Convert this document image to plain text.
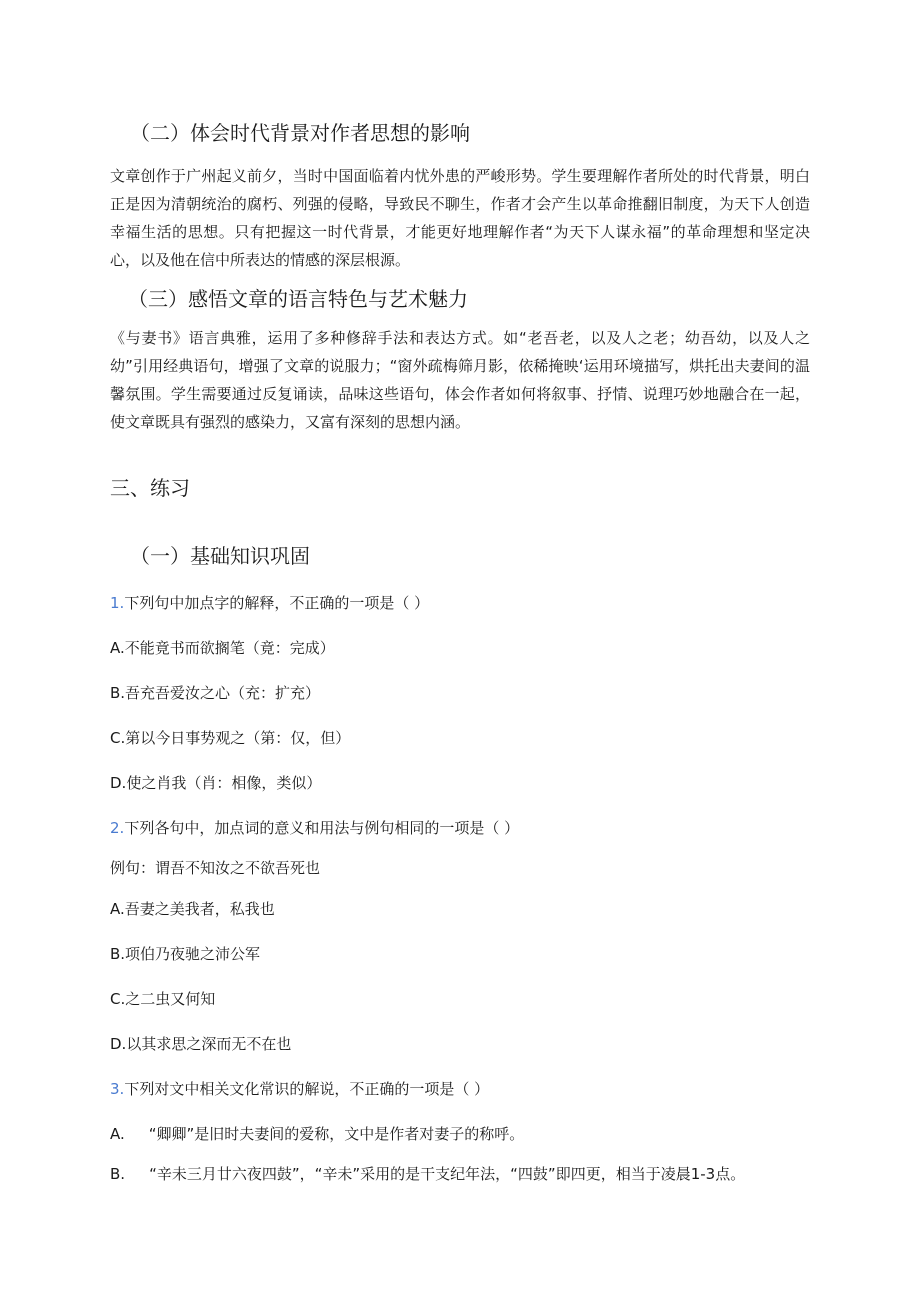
（二）体会时代背景对作者思想的影响
文章创作于广州起义前夕，当时中国面临着内忧外患的严峻形势。学生要理解作者所处的时代背景，明白正是因为清朝统治的腐朽、列强的侵略，导致民不聊生，作者才会产生以革命推翻旧制度，为天下人创造幸福生活的思想。只有把握这一时代背景，才能更好地理解作者“为天下人谋永福”的革命理想和坚定决心，以及他在信中所表达的情感的深层根源。
（三）感悟文章的语言特色与艺术魅力
《与妻书》语言典雅，运用了多种修辞手法和表达方式。如“老吾老，以及人之老；幼吾幼，以及人之幼”引用经典语句，增强了文章的说服力；“窗外疏梅筛月影，依稀掩映‘运用环境描写，烘托出夫妻间的温馨氛围。学生需要通过反复诵读，品味这些语句，体会作者如何将叙事、抒情、说理巧妙地融合在一起，使文章既具有强烈的感染力，又富有深刻的思想内涵。
三、练习
（一）基础知识巩固
1.下列句中加点字的解释，不正确的一项是（ ）
A.不能竟书而欲搁笔（竟：完成）
B.吾充吾爱汝之心（充：扩充）
C.第以今日事势观之（第：仅，但）
D.使之肖我（肖：相像，类似）
2.下列各句中，加点词的意义和用法与例句相同的一项是（ ）
例句：谓吾不知汝之不欲吾死也
A.吾妻之美我者，私我也
B.项伯乃夜驰之沛公军
C.之二虫又何知
D.以其求思之深而无不在也
3.下列对文中相关文化常识的解说，不正确的一项是（ ）
A. “卿卿”是旧时夫妻间的爱称，文中是作者对妻子的称呼。
B. “辛未三月廿六夜四鼓”，“辛未”采用的是干支纪年法，“四鼓”即四更，相当于凌晨1-3点。
